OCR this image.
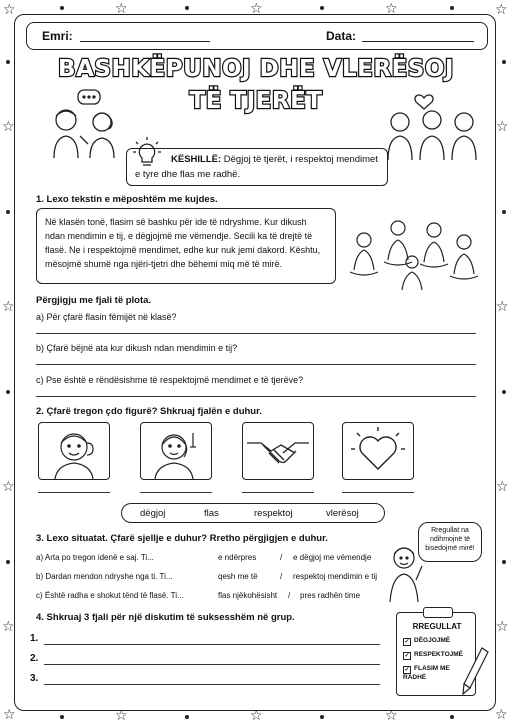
☆	☆
☆	☆
☆	☆	☆
☆	☆	☆
☆
☆
☆
☆
☆
☆
☆
☆
Emri:	Data:
BASHKËPUNOJ DHE VLERËSOJ
TË TJERËT
KËSHILLË: Dëgjoj të tjerët, i respektoj mendimet e tyre dhe flas me radhë.
1. Lexo tekstin e mëposhtëm me kujdes.
Në klasën tonë, flasim së bashku për ide të ndryshme. Kur dikush ndan mendimin e tij, e dëgjojmë me vëmendje. Secili ka të drejtë të flasë. Ne i respektojmë mendimet, edhe kur nuk jemi dakord. Kështu, mësojmë shumë nga njëri-tjetri dhe bëhemi miq më të mirë.
Përgjigju me fjali të plota.
a) Për çfarë flasin fëmijët në klasë?
b) Çfarë bëjnë ata kur dikush ndan mendimin e tij?
c) Pse është e rëndësishme të respektojmë mendimet e të tjerëve?
2. Çfarë tregon çdo figurë? Shkruaj fjalën e duhur.
dëgjoj	flas	respektoj	vlerësoj
3. Lexo situatat. Çfarë sjellje e duhur? Rretho përgjigjen e duhur.
a) Arta po tregon idenë e saj. Ti...	e ndërpres	/ e dëgjoj me vëmendje
b) Dardan mendon ndryshe nga ti. Ti...	qesh me të	/ respektoj mendimin e tij
c) Është radha e shokut tënd të flasë. Ti...	flas njëkohësisht / pres radhën time
Rregullat na ndihmojnë të bisedojmë mirë!
4. Shkruaj 3 fjali për një diskutim të suksesshëm në grup.
1.
2.
3.
RREGULLAT
✓ DËGJOJMË
✓ RESPEKTOJMË
✓ FLASIM ME RADHË
